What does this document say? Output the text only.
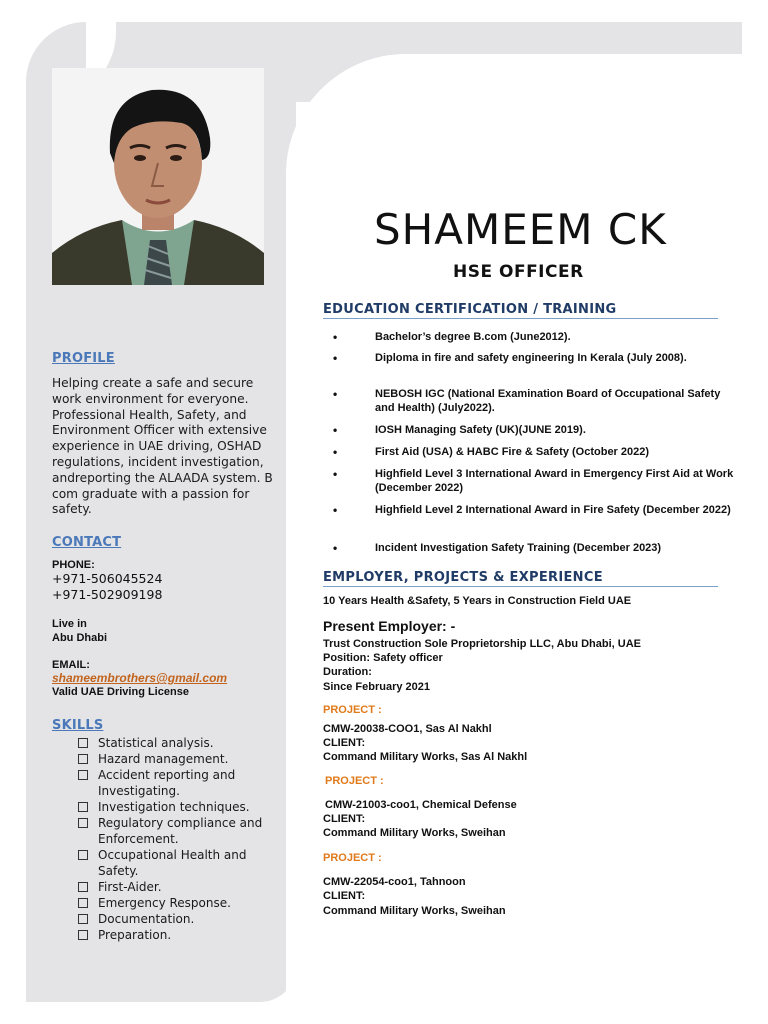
PROFILE
Helping create a safe and secure work environment for everyone. Professional Health, Safety, and Environment Officer with extensive experience in UAE driving, OSHAD regulations, incident investigation, andreporting the ALAADA system. B com graduate with a passion for safety.
CONTACT
PHONE:
+971-506045524
+971-502909198
Live in
Abu Dhabi
EMAIL:
shameembrothers@gmail.com
Valid UAE Driving License
SKILLS
Statistical analysis.
Hazard management.
Accident reporting and Investigating.
Investigation techniques.
Regulatory compliance and Enforcement.
Occupational Health and Safety.
First-Aider.
Emergency Response.
Documentation.
Preparation.
SHAMEEM CK
HSE OFFICER
EDUCATION CERTIFICATION / TRAINING
•	Bachelor’s degree B.com (June2012).
•	Diploma in fire and safety engineering In Kerala (July 2008).
•	NEBOSH IGC (National Examination Board of Occupational Safety and Health) (July2022).
•	IOSH Managing Safety (UK)(JUNE 2019).
•	First Aid (USA) & HABC Fire & Safety (October 2022)
•	Highfield Level 3 International Award in Emergency First Aid at Work (December 2022)
•	Highfield Level 2 International Award in Fire Safety (December 2022)
•	Incident Investigation Safety Training (December 2023)
EMPLOYER, PROJECTS & EXPERIENCE
10 Years Health &Safety, 5 Years in Construction Field UAE
Present Employer: -
Trust Construction Sole Proprietorship LLC, Abu Dhabi, UAE
Position: Safety officer
Duration:
Since February 2021
PROJECT :
CMW-20038-COO1, Sas Al Nakhl
CLIENT:
Command Military Works, Sas Al Nakhl
PROJECT :
CMW-21003-coo1, Chemical Defense
CLIENT:
Command Military Works, Sweihan
PROJECT :
CMW-22054-coo1, Tahnoon
CLIENT:
Command Military Works, Sweihan
